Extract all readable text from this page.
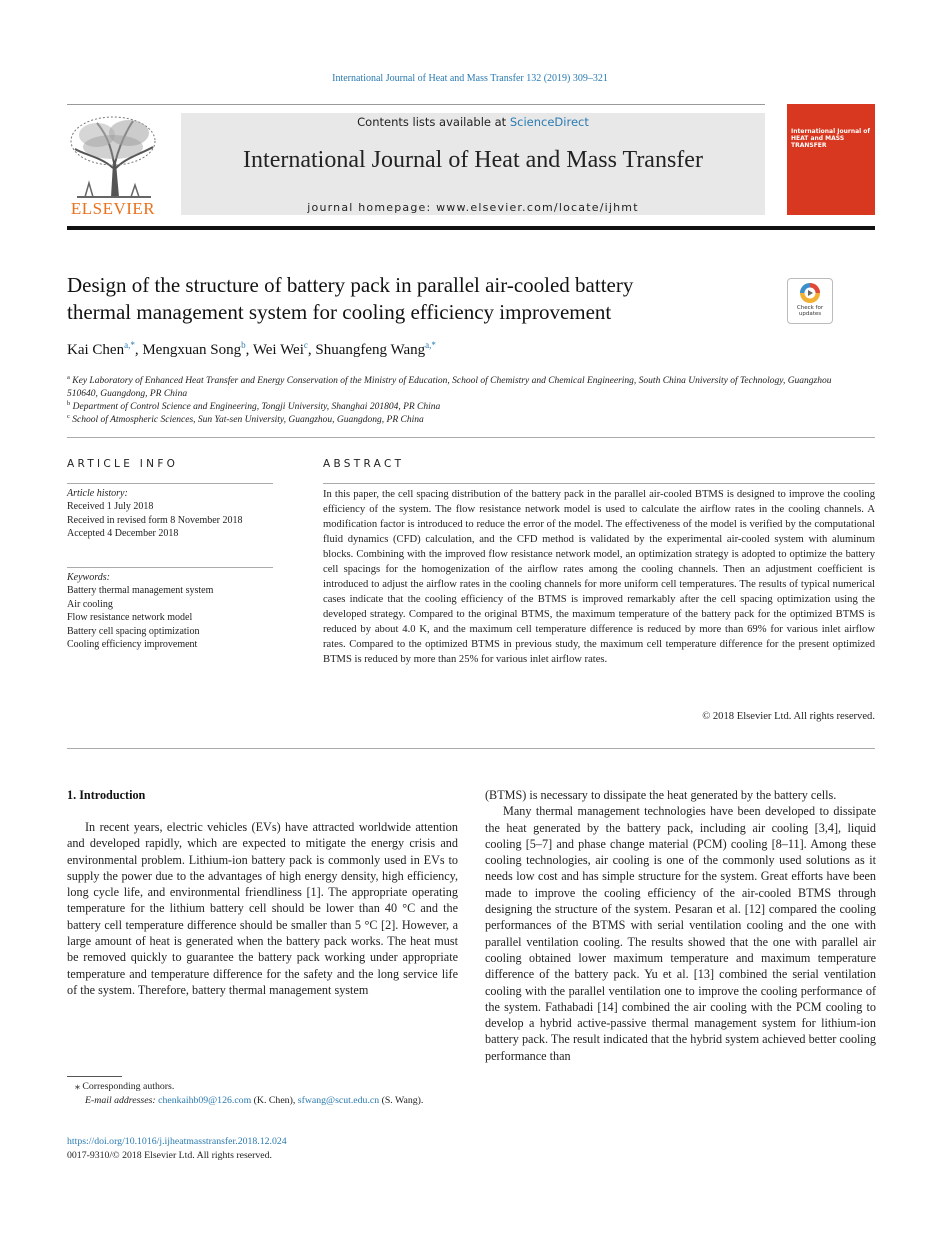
International Journal of Heat and Mass Transfer 132 (2019) 309–321
ELSEVIER
Contents lists available at ScienceDirect
International Journal of Heat and Mass Transfer
journal homepage: www.elsevier.com/locate/ijhmt
International Journal of HEAT and MASS TRANSFER
Design of the structure of battery pack in parallel air-cooled battery
thermal management system for cooling efficiency improvement	Check for updates
Kai Chen$^{a,*}$, Mengxuan Song$^b$, Wei Wei$^c$, Shuangfeng Wang$^{a,*}$
$^a$ Key Laboratory of Enhanced Heat Transfer and Energy Conservation of the Ministry of Education, School of Chemistry and Chemical Engineering, South China University of Technology, Guangzhou 510640, Guangdong, PR China
$^b$ Department of Control Science and Engineering, Tongji University, Shanghai 201804, PR China
$^c$ School of Atmospheric Sciences, Sun Yat-sen University, Guangzhou, Guangdong, PR China
ARTICLE INFO	ABSTRACT
Article history:
Received 1 July 2018
Received in revised form 8 November 2018
Accepted 4 December 2018
Keywords:
Battery thermal management system
Air cooling
Flow resistance network model
Battery cell spacing optimization
Cooling efficiency improvement

In this paper, the cell spacing distribution of the battery pack in the parallel air-cooled BTMS is designed to improve the cooling efficiency of the system. The flow resistance network model is used to calculate the airflow rates in the cooling channels. A modification factor is introduced to reduce the error of the model. The effectiveness of the model is verified by the computational fluid dynamics (CFD) calculation, and the CFD method is validated by the experimental air-cooled system with aluminum blocks. Combining with the improved flow resistance network model, an optimization strategy is adopted to optimize the battery cell spacings for the homogenization of the airflow rates among the cooling channels. Then an adjustment coefficient is introduced to adjust the airflow rates in the cooling channels for more uniform cell temperatures. The results of typical numerical cases indicate that the cooling efficiency of the BTMS is improved remarkably after the cell spacing optimization using the developed strategy. Compared to the original BTMS, the maximum temperature of the battery pack for the optimized BTMS is reduced by about 4.0 K, and the maximum cell temperature difference is reduced by more than 69% for various inlet airflow rates. Compared to the optimized BTMS in previous study, the maximum cell temperature difference for the present optimized BTMS is reduced by more than 25% for various inlet airflow rates.

© 2018 Elsevier Ltd. All rights reserved.
1. Introduction

In recent years, electric vehicles (EVs) have attracted worldwide attention and developed rapidly, which are expected to mitigate the energy crisis and environmental problem. Lithium-ion battery pack is commonly used in EVs to supply the power due to the advantages of high energy density, high efficiency, long cycle life, and environmental friendliness [1]. The appropriate operating temperature for the lithium battery cell should be lower than 40 °C and the battery cell temperature difference should be smaller than 5 °C [2]. However, a large amount of heat is generated when the battery pack works. The heat must be removed quickly to guarantee the battery pack working under appropriate temperature and temperature difference for the safety and the long service life of the system. Therefore, battery thermal management system

(BTMS) is necessary to dissipate the heat generated by the battery cells.

Many thermal management technologies have been developed to dissipate the heat generated by the battery pack, including air cooling [3,4], liquid cooling [5–7] and phase change material (PCM) cooling [8–11]. Among these cooling technologies, air cooling is one of the commonly used solutions as it needs low cost and has simple structure for the system. Great efforts have been made to improve the cooling efficiency of the air-cooled BTMS through designing the structure of the system. Pesaran et al. [12] compared the cooling performances of the BTMS with serial ventilation cooling and the one with parallel ventilation cooling. The results showed that the one with parallel air cooling obtained lower maximum temperature and maximum temperature difference of the battery pack. Yu et al. [13] combined the serial ventilation cooling with the parallel ventilation one to improve the cooling performance of the system. Fathabadi [14] combined the air cooling with the PCM cooling to develop a hybrid active-passive thermal management system for lithium-ion battery pack. The result indicated that the hybrid system achieved better cooling performance than

⁎ Corresponding authors.
E-mail addresses: chenkaihb09@126.com (K. Chen), sfwang@scut.edu.cn (S. Wang).
https://doi.org/10.1016/j.ijheatmasstransfer.2018.12.024
0017-9310/© 2018 Elsevier Ltd. All rights reserved.
